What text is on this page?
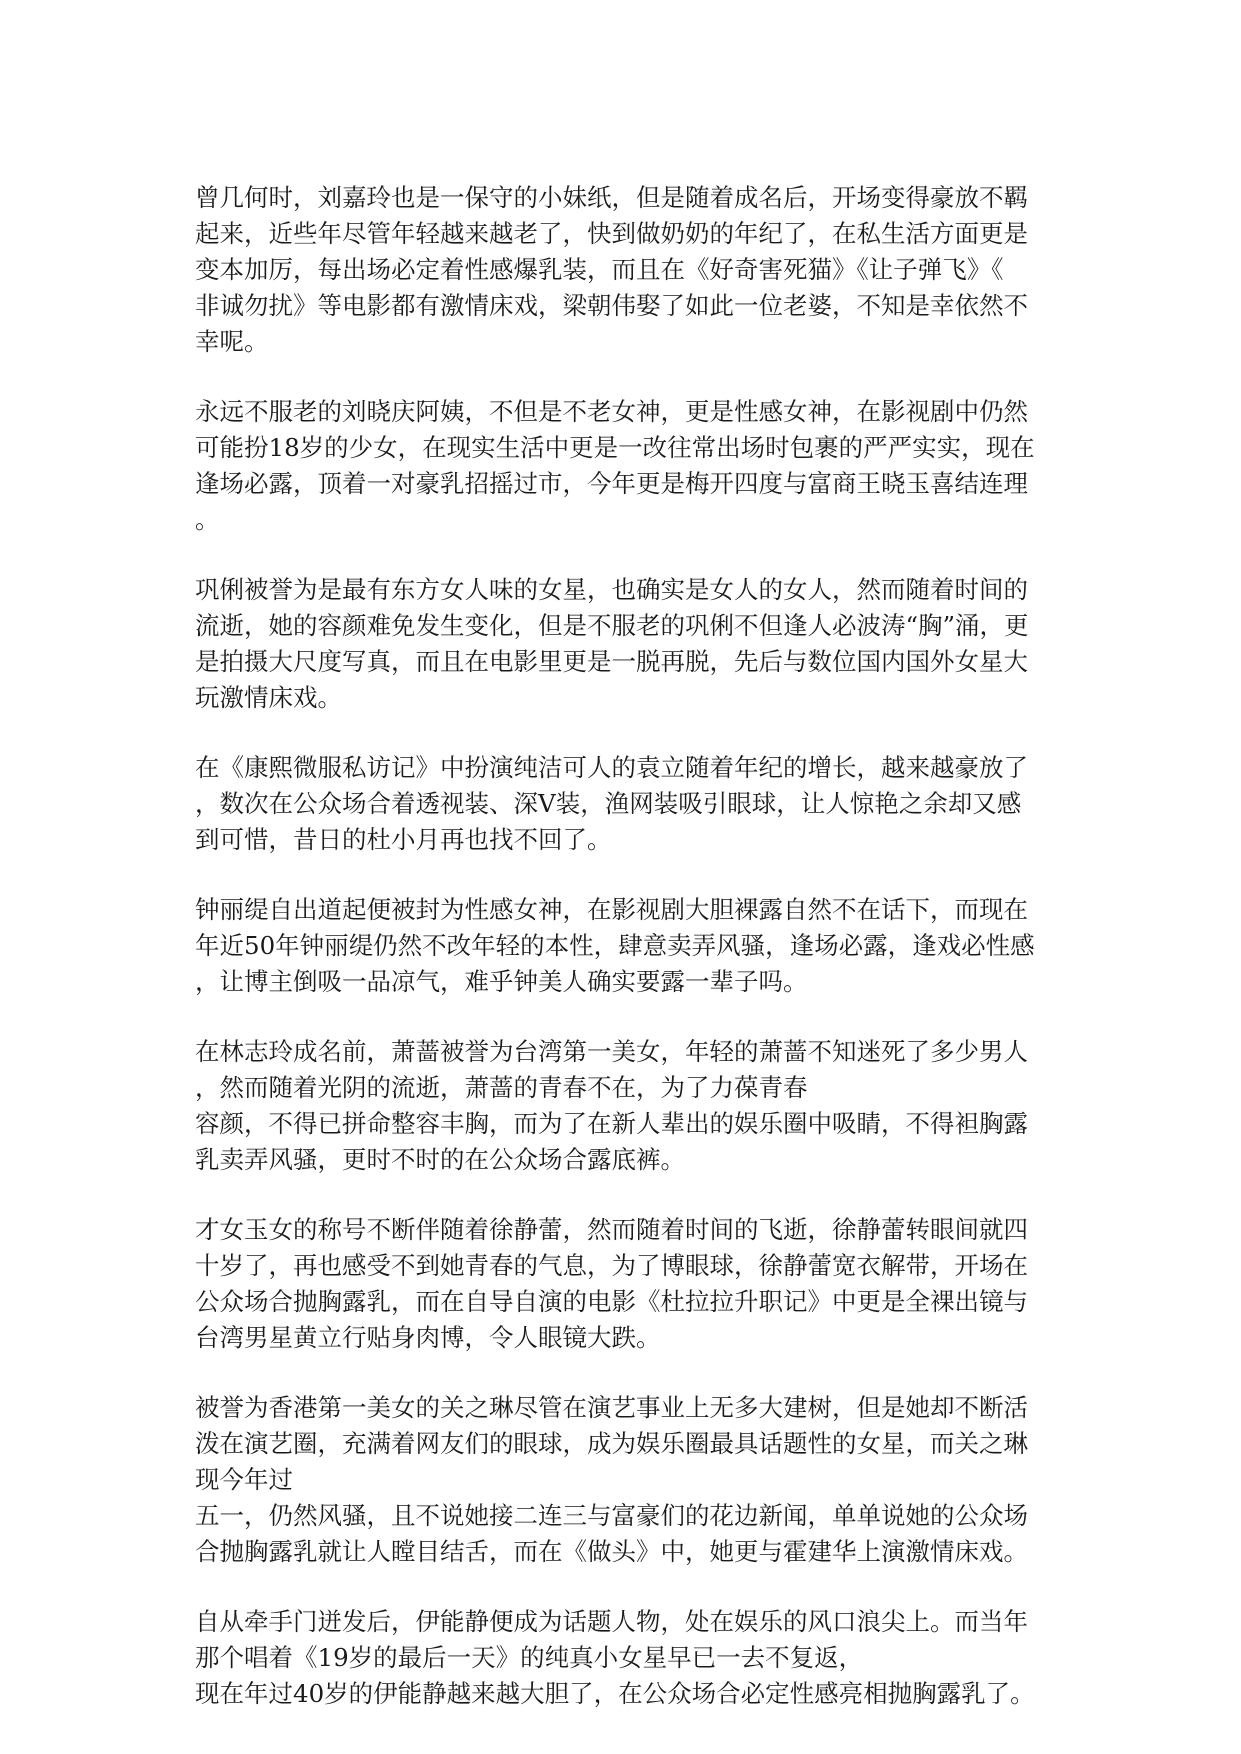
曾几何时，刘嘉玲也是一保守的小妹纸，但是随着成名后，开场变得豪放不羁
起来，近些年尽管年轻越来越老了，快到做奶奶的年纪了，在私生活方面更是
变本加厉，每出场必定着性感爆乳装，而且在《好奇害死猫》《让子弹飞》《
非诚勿扰》等电影都有激情床戏，梁朝伟娶了如此一位老婆，不知是幸依然不
幸呢。

永远不服老的刘晓庆阿姨，不但是不老女神，更是性感女神，在影视剧中仍然
可能扮18岁的少女，在现实生活中更是一改往常出场时包裹的严严实实，现在
逢场必露，顶着一对豪乳招摇过市，今年更是梅开四度与富商王晓玉喜结连理
。

巩俐被誉为是最有东方女人味的女星，也确实是女人的女人，然而随着时间的
流逝，她的容颜难免发生变化，但是不服老的巩俐不但逢人必波涛“胸”涌，更
是拍摄大尺度写真，而且在电影里更是一脱再脱，先后与数位国内国外女星大
玩激情床戏。

在《康熙微服私访记》中扮演纯洁可人的袁立随着年纪的增长，越来越豪放了
，数次在公众场合着透视装、深V装，渔网装吸引眼球，让人惊艳之余却又感
到可惜，昔日的杜小月再也找不回了。

钟丽缇自出道起便被封为性感女神，在影视剧大胆裸露自然不在话下，而现在
年近50年钟丽缇仍然不改年轻的本性，肆意卖弄风骚，逢场必露，逢戏必性感
，让博主倒吸一品凉气，难乎钟美人确实要露一辈子吗。

在林志玲成名前，萧蔷被誉为台湾第一美女，年轻的萧蔷不知迷死了多少男人
，然而随着光阴的流逝，萧蔷的青春不在，为了力葆青春
容颜，不得已拼命整容丰胸，而为了在新人辈出的娱乐圈中吸睛，不得袒胸露
乳卖弄风骚，更时不时的在公众场合露底裤。

才女玉女的称号不断伴随着徐静蕾，然而随着时间的飞逝，徐静蕾转眼间就四
十岁了，再也感受不到她青春的气息，为了博眼球，徐静蕾宽衣解带，开场在
公众场合抛胸露乳，而在自导自演的电影《杜拉拉升职记》中更是全裸出镜与
台湾男星黄立行贴身肉博，令人眼镜大跌。

被誉为香港第一美女的关之琳尽管在演艺事业上无多大建树，但是她却不断活
泼在演艺圈，充满着网友们的眼球，成为娱乐圈最具话题性的女星，而关之琳
现今年过
五一，仍然风骚，且不说她接二连三与富豪们的花边新闻，单单说她的公众场
合抛胸露乳就让人瞠目结舌，而在《做头》中，她更与霍建华上演激情床戏。

自从牵手门迸发后，伊能静便成为话题人物，处在娱乐的风口浪尖上。而当年
那个唱着《19岁的最后一天》的纯真小女星早已一去不复返，
现在年过40岁的伊能静越来越大胆了，在公众场合必定性感亮相抛胸露乳了。
